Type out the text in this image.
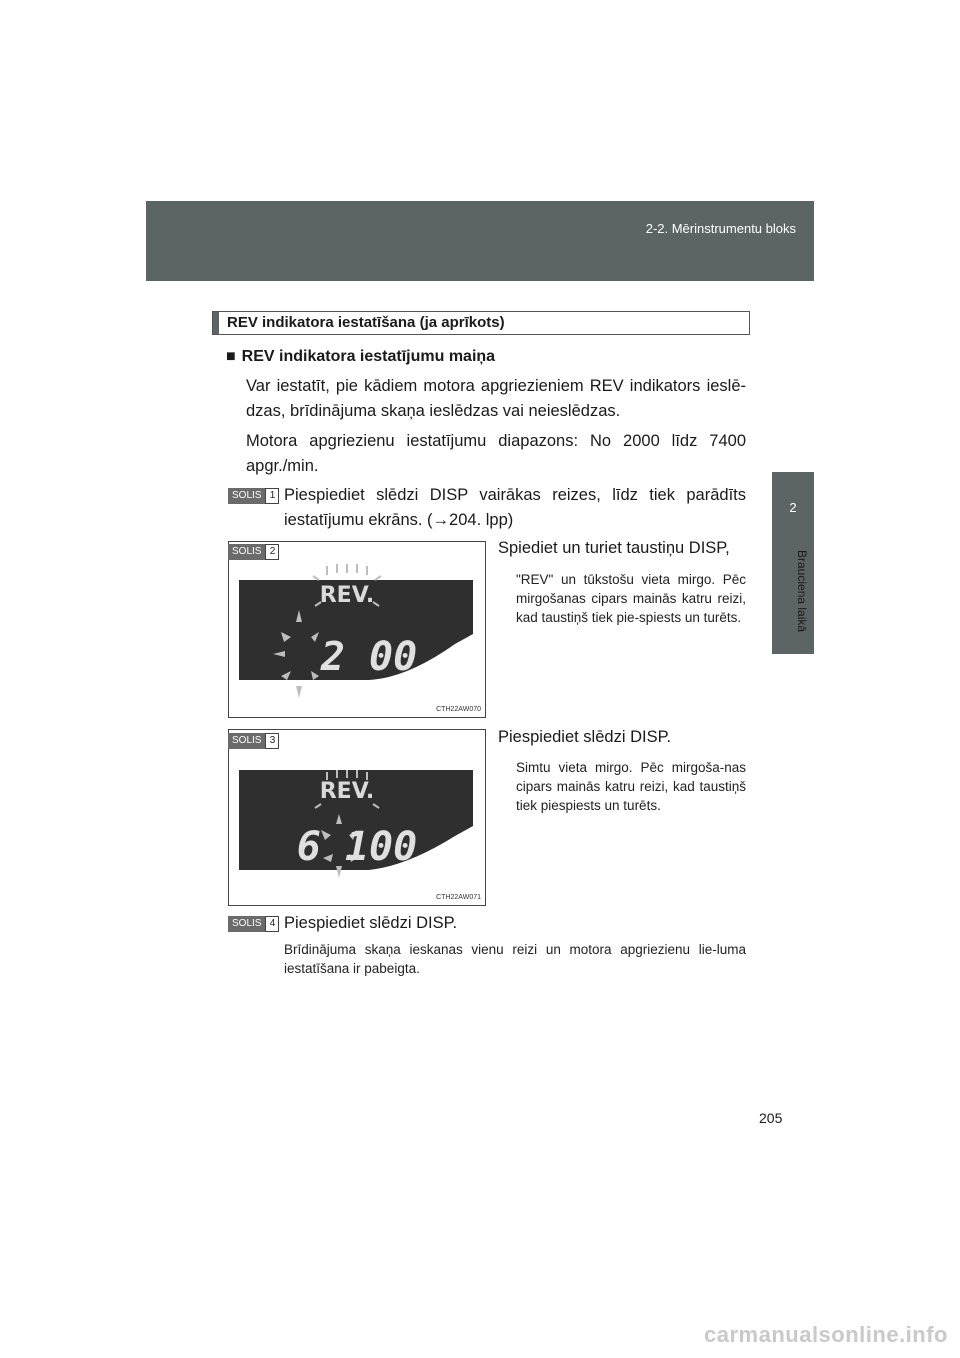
2-2. Mērinstrumentu bloks
2
Brauciena laikā
REV indikatora iestatīšana (ja aprīkots)
■ REV indikatora iestatījumu maiņa
Var iestatīt, pie kādiem motora apgriezieniem REV indikators ieslē-dzas, brīdinājuma skaņa ieslēdzas vai neieslēdzas.
Motora apgriezienu iestatījumu diapazons: No 2000 līdz 7400 apgr./min.
SOLIS 1 Piespiediet slēdzi DISP vairākas reizes, līdz tiek parādīts iestatījumu ekrāns. (→204. lpp)
REV.
2 00
CTH22AW070
SOLIS 2	Spiediet un turiet taustiņu DISP,
"REV" un tūkstošu vieta mirgo. Pēc mirgošanas cipars mainās katru reizi, kad taustiņš tiek pie-spiests un turēts.
REV.
6 100
CTH22AW071
SOLIS 3	Piespiediet slēdzi DISP.
Simtu vieta mirgo. Pēc mirgoša-nas cipars mainās katru reizi, kad taustiņš tiek piespiests un turēts.
SOLIS 4 Piespiediet slēdzi DISP.
Brīdinājuma skaņa ieskanas vienu reizi un motora apgriezienu lie-luma iestatīšana ir pabeigta.
205
carmanualsonline.info
